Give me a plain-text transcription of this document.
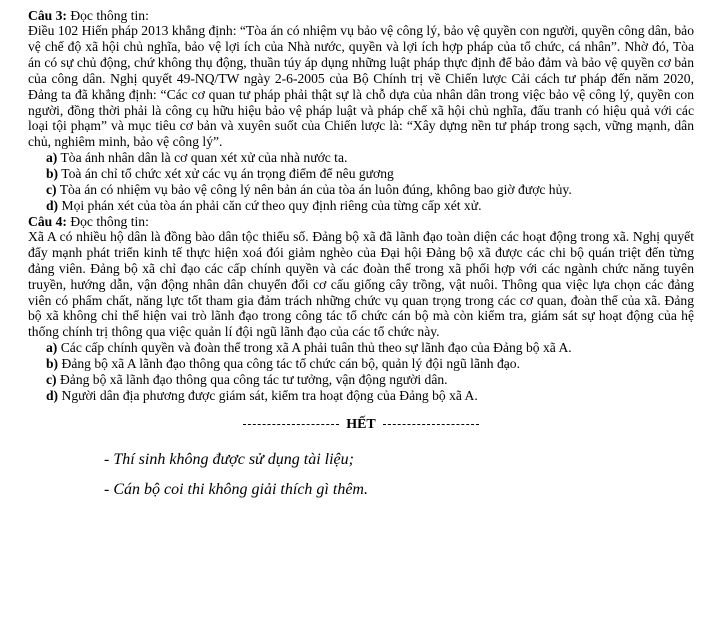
Câu 3: Đọc thông tin:

Điều 102 Hiến pháp 2013 khẳng định: “Tòa án có nhiệm vụ bảo vệ công lý, bảo vệ quyền con người, quyền công dân, bảo vệ chế độ xã hội chủ nghĩa, bảo vệ lợi ích của Nhà nước, quyền và lợi ích hợp pháp của tổ chức, cá nhân”. Nhờ đó, Tòa án có sự chủ động, chứ không thụ động, thuần túy áp dụng những luật pháp thực định để bảo đảm và bảo vệ quyền cơ bản của công dân. Nghị quyết 49-NQ/TW ngày 2-6-2005 của Bộ Chính trị về Chiến lược Cải cách tư pháp đến năm 2020, Đảng ta đã khẳng định: “Các cơ quan tư pháp phải thật sự là chỗ dựa của nhân dân trong việc bảo vệ công lý, quyền con người, đồng thời phải là công cụ hữu hiệu bảo vệ pháp luật và pháp chế xã hội chủ nghĩa, đấu tranh có hiệu quả với các loại tội phạm” và mục tiêu cơ bản và xuyên suốt của Chiến lược là: “Xây dựng nền tư pháp trong sạch, vững mạnh, dân chủ, nghiêm minh, bảo vệ công lý”.

a) Tòa ánh nhân dân là cơ quan xét xử của nhà nước ta.
b) Toà án chỉ tổ chức xét xử các vụ án trọng điểm để nêu gương
c) Tòa án có nhiệm vụ bảo vệ công lý nên bản án của tòa án luôn đúng, không bao giờ được hủy.
d) Mọi phán xét của tòa án phải căn cứ theo quy định riêng của từng cấp xét xử.

Câu 4: Đọc thông tin:

Xã A có nhiều hộ dân là đồng bào dân tộc thiểu số. Đảng bộ xã đã lãnh đạo toàn diện các hoạt động trong xã. Nghị quyết đẩy mạnh phát triển kinh tế thực hiện xoá đói giảm nghèo của Đại hội Đảng bộ xã được các chi bộ quán triệt đến từng đảng viên. Đảng bộ xã chỉ đạo các cấp chính quyền và các đoàn thể trong xã phối hợp với các ngành chức năng tuyên truyền, hướng dẫn, vận động nhân dân chuyển đổi cơ cấu giống cây trồng, vật nuôi. Thông qua việc lựa chọn các đảng viên có phẩm chất, năng lực tốt tham gia đảm trách những chức vụ quan trọng trong các cơ quan, đoàn thể của xã. Đảng bộ xã không chỉ thể hiện vai trò lãnh đạo trong công tác tổ chức cán bộ mà còn kiểm tra, giám sát sự hoạt động của hệ thống chính trị thông qua việc quản lí đội ngũ lãnh đạo của các tổ chức này.

a) Các cấp chính quyền và đoàn thể trong xã A phải tuân thủ theo sự lãnh đạo của Đảng bộ xã A.
b) Đảng bộ xã A lãnh đạo thông qua công tác tổ chức cán bộ, quản lý đội ngũ lãnh đạo.
c) Đảng bộ xã lãnh đạo thông qua công tác tư tưởng, vận động người dân.
d) Người dân địa phương được giám sát, kiểm tra hoạt động của Đảng bộ xã A.
HẾT
- Thí sinh không được sử dụng tài liệu;
- Cán bộ coi thi không giải thích gì thêm.
